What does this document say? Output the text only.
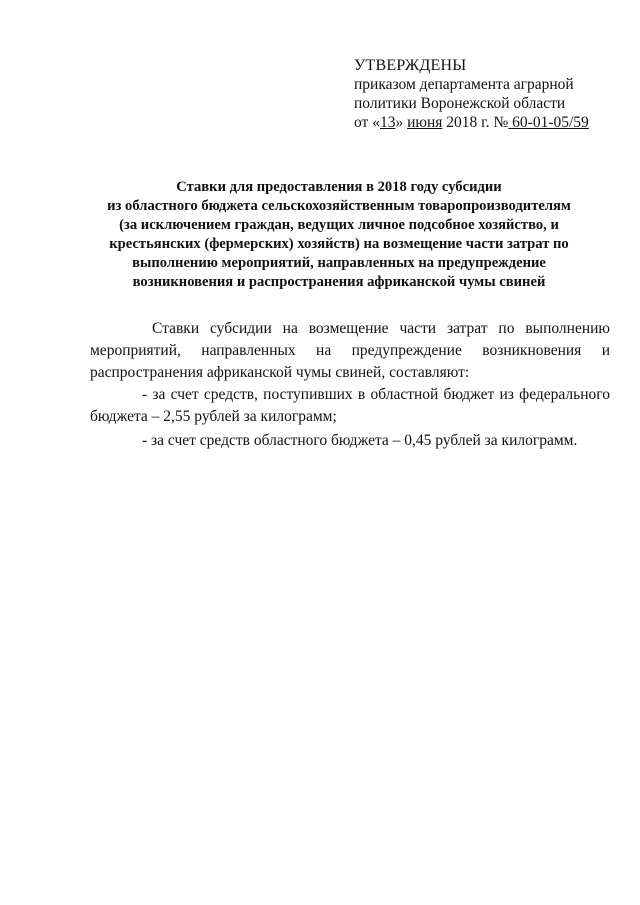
УТВЕРЖДЕНЫ
приказом департамента аграрной
политики Воронежской области
от «13» июня 2018 г. № 60-01-05/59
Ставки для предоставления в 2018 году субсидии
из областного бюджета сельскохозяйственным товаропроизводителям
(за исключением граждан, ведущих личное подсобное хозяйство, и
крестьянских (фермерских) хозяйств) на возмещение части затрат по
выполнению мероприятий, направленных на предупреждение
возникновения и распространения африканской чумы свиней
Ставки субсидии на возмещение части затрат по выполнению
мероприятий, направленных на предупреждение возникновения и
распространения африканской чумы свиней, составляют:
- за счет средств, поступивших в областной бюджет из федерального
бюджета – 2,55 рублей за килограмм;
- за счет средств областного бюджета – 0,45 рублей за килограмм.
